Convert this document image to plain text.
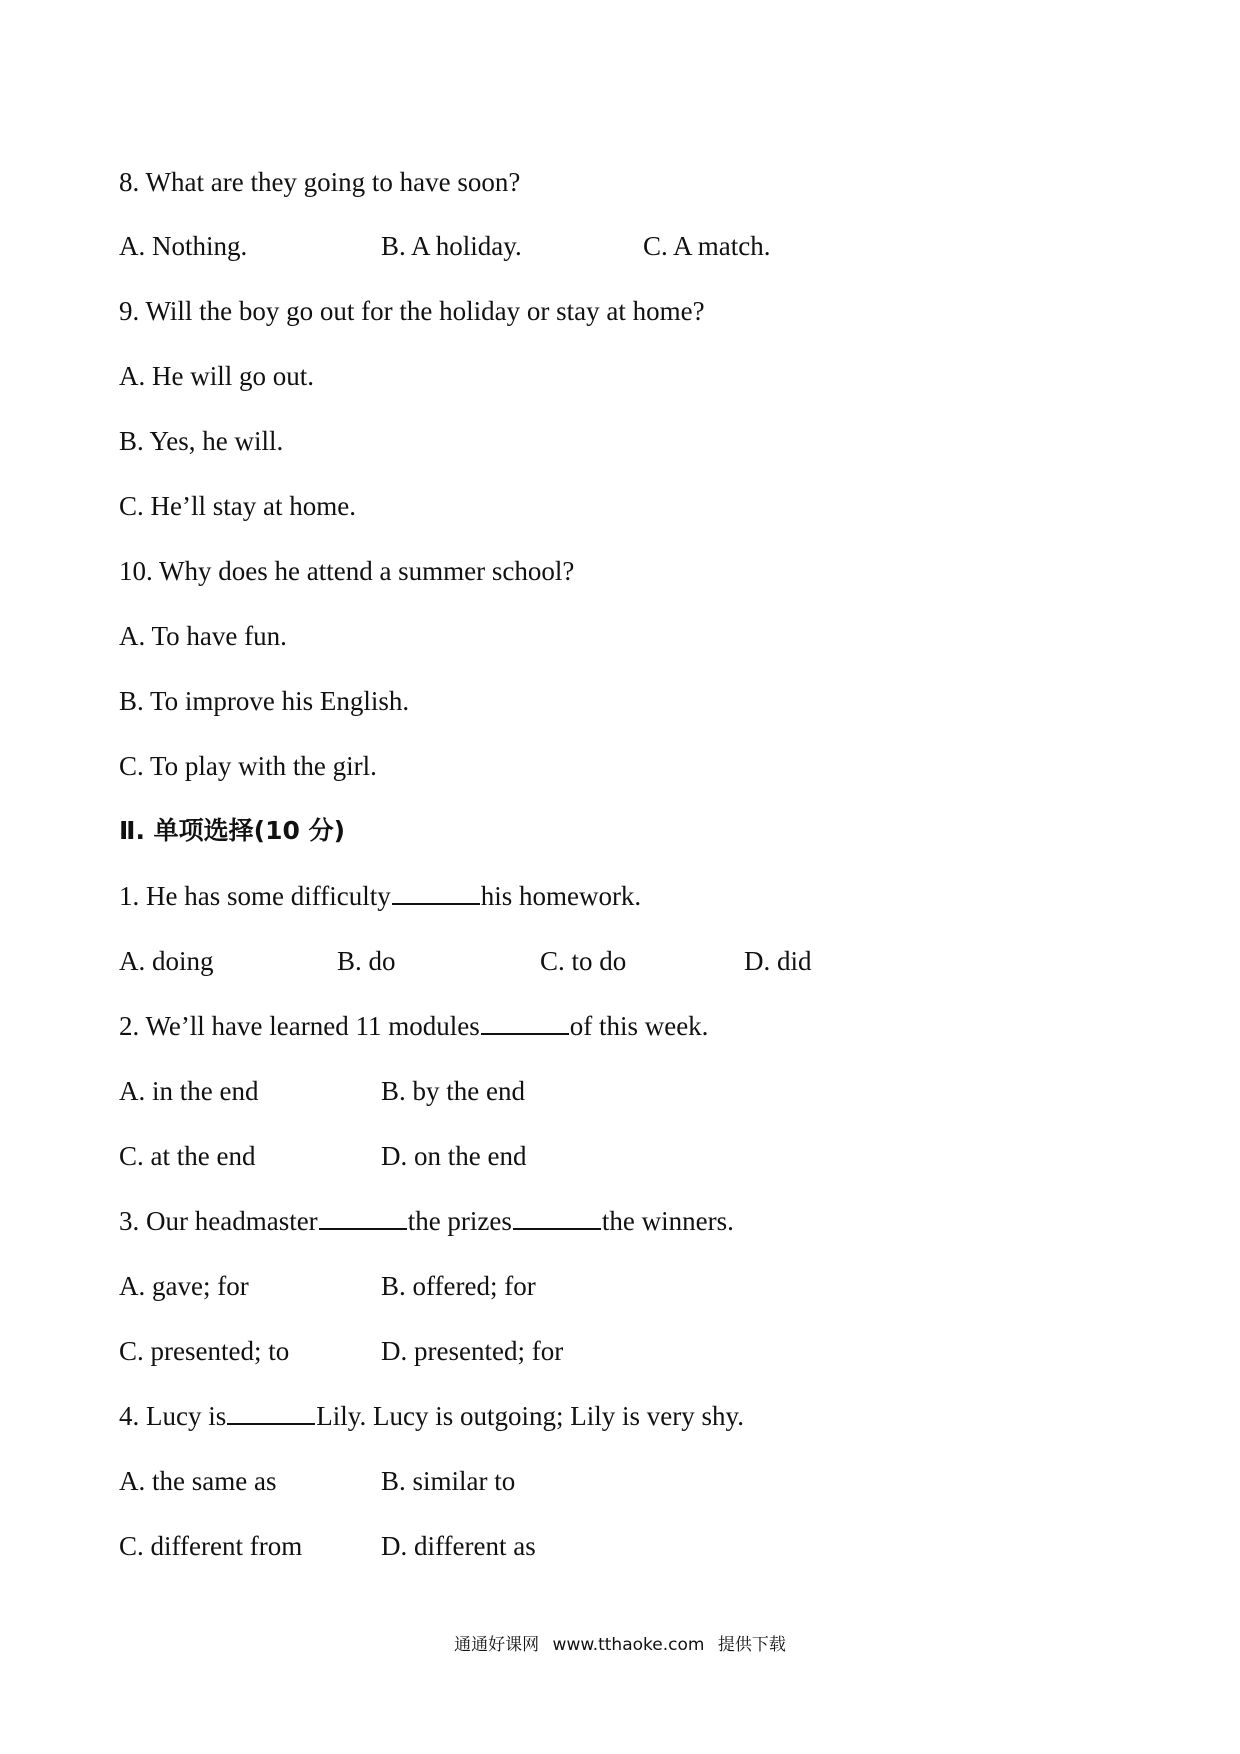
8. What are they going to have soon?

A. Nothing.

	B. A holiday.

	C. A match.

9. Will the boy go out for the holiday or stay at home?
A. He will go out.
B. Yes, he will.
C. He’ll stay at home.
10. Why does he attend a summer school?
A. To have fun.
B. To improve his English.
C. To play with the girl.
Ⅱ. 单项选择(10 分)
1. He has some difficulty	his homework.

A. doing

	B. do

	C. to do

	D. did

2. We’ll have learned 11 modules	of this week.

A. in the end

	B. by the end

C. at the end

	D. on the end

3. Our headmaster	the prizes	the winners.

A. gave; for

	B. offered; for

C. presented; to

	D. presented; for

4. Lucy is	Lily. Lucy is outgoing; Lily is very shy.

A. the same as

	B. similar to

C. different from

	D. different as

通通好课网 www.tthaoke.com 提供下载
